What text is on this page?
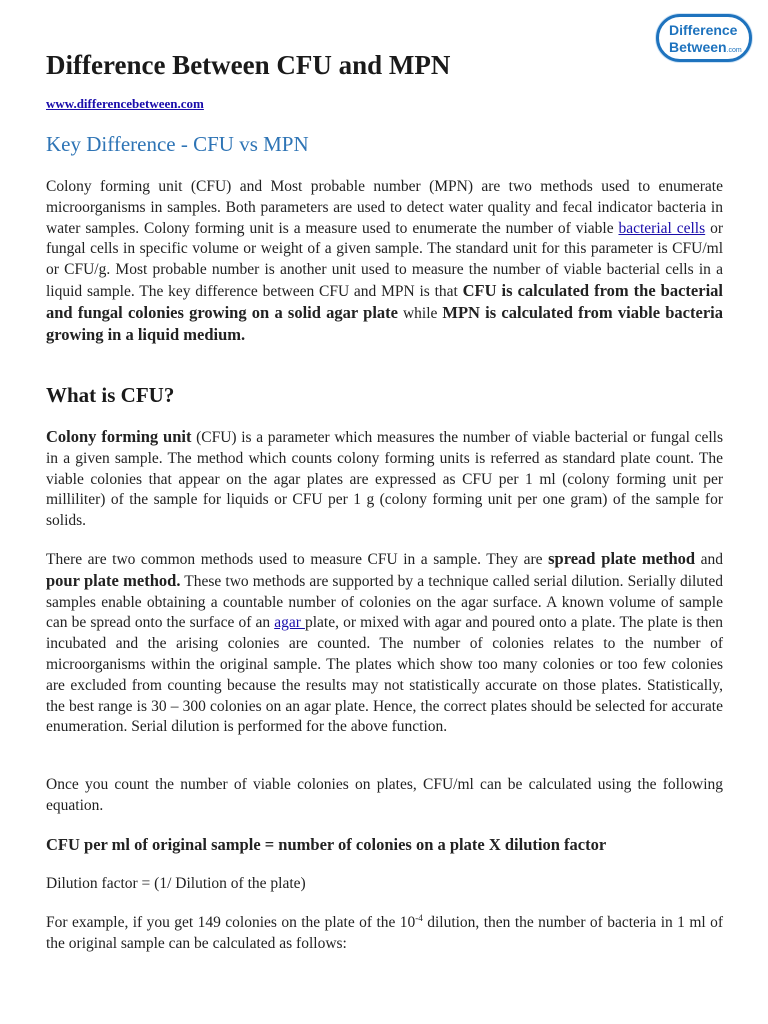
Difference
Between.com
Difference Between CFU and MPN
www.differencebetween.com
Key Difference - CFU vs MPN

Colony forming unit (CFU) and Most probable number (MPN) are two methods used to enumerate microorganisms in samples. Both parameters are used to detect water quality and fecal indicator bacteria in water samples. Colony forming unit is a measure used to enumerate the number of viable bacterial cells or fungal cells in specific volume or weight of a given sample. The standard unit for this parameter is CFU/ml or CFU/g. Most probable number is another unit used to measure the number of viable bacterial cells in a liquid sample. The key difference between CFU and MPN is that CFU is calculated from the bacterial and fungal colonies growing on a solid agar plate while MPN is calculated from viable bacteria growing in a liquid medium.

What is CFU?

Colony forming unit (CFU) is a parameter which measures the number of viable bacterial or fungal cells in a given sample. The method which counts colony forming units is referred as standard plate count. The viable colonies that appear on the agar plates are expressed as CFU per 1 ml (colony forming unit per milliliter) of the sample for liquids or CFU per 1 g (colony forming unit per one gram) of the sample for solids.

There are two common methods used to measure CFU in a sample. They are spread plate method and pour plate method. These two methods are supported by a technique called serial dilution. Serially diluted samples enable obtaining a countable number of colonies on the agar surface. A known volume of sample can be spread onto the surface of an agar plate, or mixed with agar and poured onto a plate. The plate is then incubated and the arising colonies are counted. The number of colonies relates to the number of microorganisms within the original sample. The plates which show too many colonies or too few colonies are excluded from counting because the results may not statistically accurate on those plates. Statistically, the best range is 30 – 300 colonies on an agar plate. Hence, the correct plates should be selected for accurate enumeration. Serial dilution is performed for the above function.

Once you count the number of viable colonies on plates, CFU/ml can be calculated using the following equation.

CFU per ml of original sample = number of colonies on a plate X dilution factor

Dilution factor = (1/ Dilution of the plate)

For example, if you get 149 colonies on the plate of the $10^{-4}$ dilution, then the number of bacteria in 1 ml of the original sample can be calculated as follows:
